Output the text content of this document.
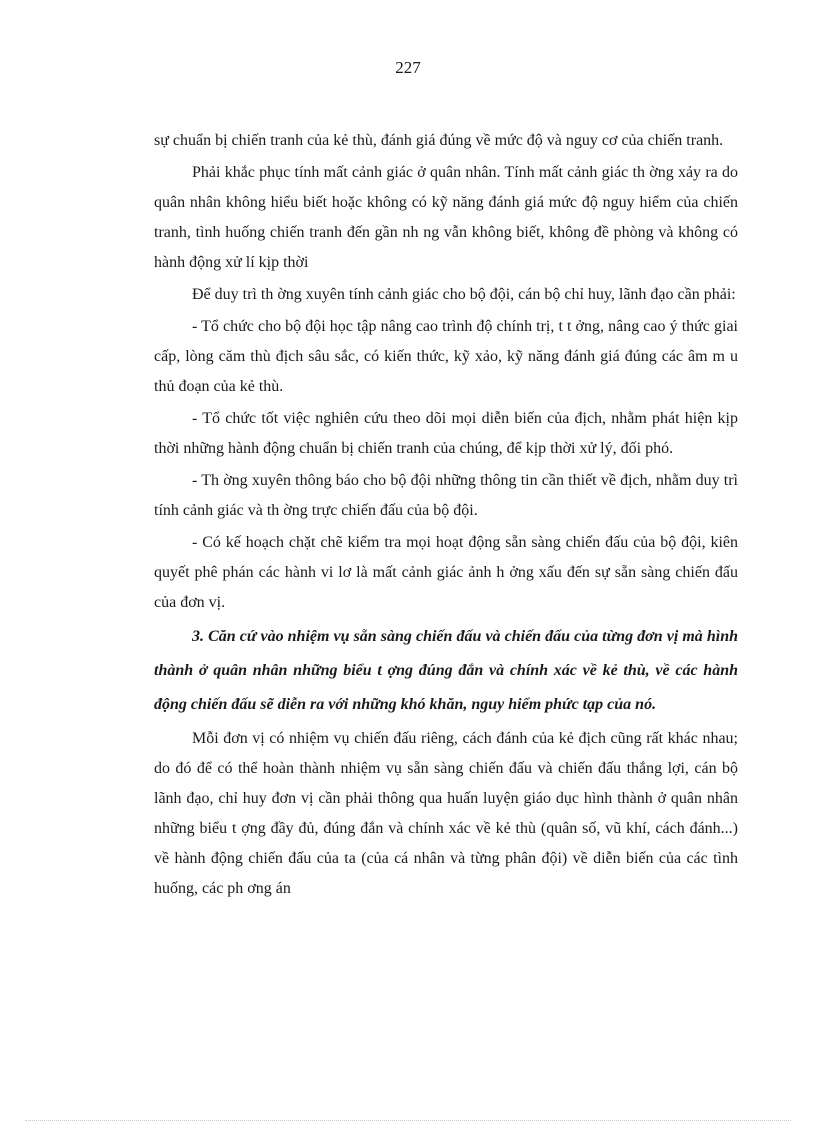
227

sự chuẩn bị chiến tranh của kẻ thù, đánh giá đúng về mức độ và nguy cơ của chiến tranh.

Phải khắc phục tính mất cảnh giác ở quân nhân. Tính mất cảnh giác th ờng xảy ra do quân nhân không hiểu biết hoặc không có kỹ năng đánh giá mức độ nguy hiểm của chiến tranh, tình huống chiến tranh đến gần nh ng vẫn không biết, không đề phòng và không có hành động xử lí kịp thời

Để duy trì th ờng xuyên tính cảnh giác cho bộ đội, cán bộ chỉ huy, lãnh đạo cần phải:

- Tổ chức cho bộ đội học tập nâng cao trình độ chính trị, t t ởng, nâng cao ý thức giai cấp, lòng căm thù địch sâu sắc, có kiến thức, kỹ xảo, kỹ năng đánh giá đúng các âm m u thủ đoạn của kẻ thù.

- Tổ chức tốt việc nghiên cứu theo dõi mọi diễn biến của địch, nhằm phát hiện kịp thời những hành động chuẩn bị chiến tranh của chúng, để kịp thời xử lý, đối phó.

- Th ờng xuyên thông báo cho bộ đội những thông tin cần thiết về địch, nhằm duy trì tính cảnh giác và th ờng trực chiến đấu của bộ đội.

- Có kế hoạch chặt chẽ kiểm tra mọi hoạt động sẵn sàng chiến đấu của bộ đội, kiên quyết phê phán các hành vi lơ là mất cảnh giác ảnh h ởng xấu đến sự sẵn sàng chiến đấu của đơn vị.

3. Căn cứ vào nhiệm vụ sẵn sàng chiến đấu và chiến đấu của từng đơn vị mà hình thành ở quân nhân những biểu t ợng đúng đắn và chính xác về kẻ thù, về các hành động chiến đấu sẽ diễn ra với những khó khăn, nguy hiểm phức tạp của nó.

Mỗi đơn vị có nhiệm vụ chiến đấu riêng, cách đánh của kẻ địch cũng rất khác nhau; do đó để có thể hoàn thành nhiệm vụ sẵn sàng chiến đấu và chiến đấu thắng lợi, cán bộ lãnh đạo, chỉ huy đơn vị cần phải thông qua huấn luyện giáo dục hình thành ở quân nhân những biểu t ợng đầy đủ, đúng đắn và chính xác về kẻ thù (quân số, vũ khí, cách đánh...) về hành động chiến đấu của ta (của cá nhân và từng phân đội) về diễn biến của các tình huống, các ph ơng án
